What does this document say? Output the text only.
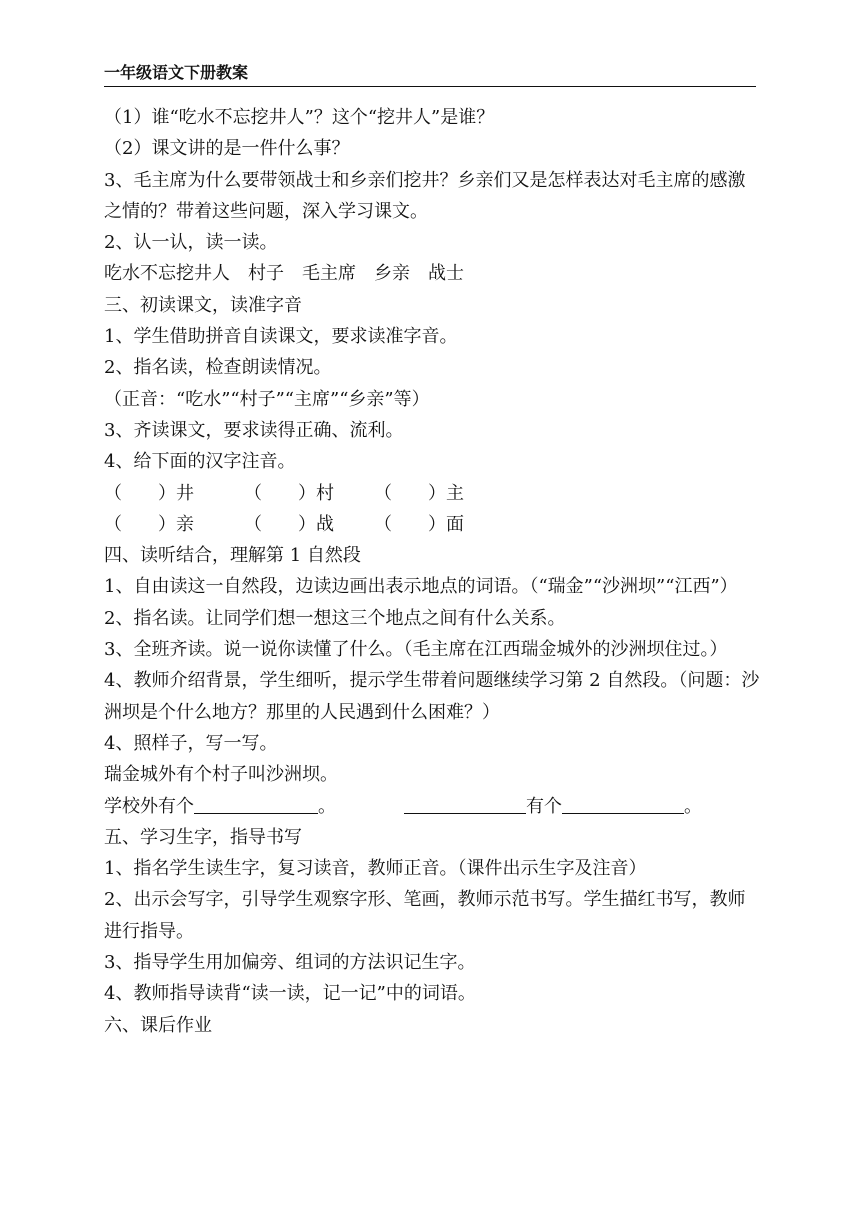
一年级语文下册教案
（1）谁“吃水不忘挖井人”？这个“挖井人”是谁？
（2）课文讲的是一件什么事？
3、毛主席为什么要带领战士和乡亲们挖井？乡亲们又是怎样表达对毛主席的感激之情的？带着这些问题，深入学习课文。
2、认一认，读一读。
吃水不忘挖井人　村子　毛主席　乡亲　战士
三、初读课文，读准字音
1、学生借助拼音自读课文，要求读准字音。
2、指名读，检查朗读情况。
（正音：“吃水”“村子”“主席”“乡亲”等）
3、齐读课文，要求读得正确、流利。
4、给下面的汉字注音。
（　　）井	（　　）村	（　　）主
（　　）亲	（　　）战	（　　）面
四、读听结合，理解第 1 自然段
1、自由读这一自然段，边读边画出表示地点的词语。（“瑞金”“沙洲坝”“江西”）
2、指名读。让同学们想一想这三个地点之间有什么关系。
3、全班齐读。说一说你读懂了什么。（毛主席在江西瑞金城外的沙洲坝住过。）
4、教师介绍背景，学生细听，提示学生带着问题继续学习第 2 自然段。（问题：沙洲坝是个什么地方？那里的人民遇到什么困难？）
4、照样子，写一写。
瑞金城外有个村子叫沙洲坝。
学校外有个	。	有个	。
五、学习生字，指导书写
1、指名学生读生字，复习读音，教师正音。（课件出示生字及注音）
2、出示会写字，引导学生观察字形、笔画，教师示范书写。学生描红书写，教师进行指导。
3、指导学生用加偏旁、组词的方法识记生字。
4、教师指导读背“读一读，记一记”中的词语。
六、课后作业
